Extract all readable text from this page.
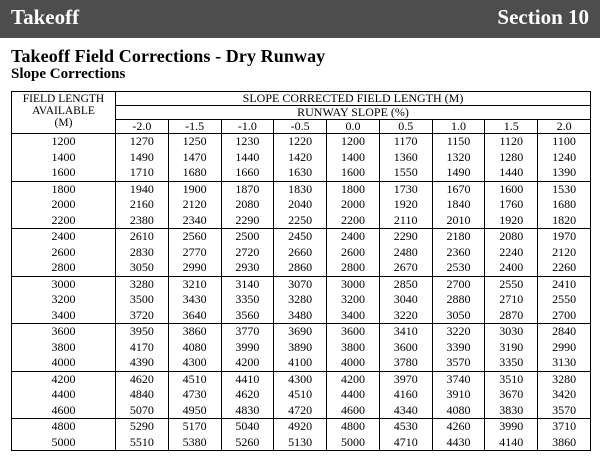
Takeoff	Section 10
Takeoff Field Corrections - Dry Runway
Slope Corrections
FIELD LENGTH
AVAILABLE
(M)	SLOPE CORRECTED FIELD LENGTH (M)								
	RUNWAY SLOPE (%)								
	-2.0	-1.5	-1.0	-0.5	0.0	0.5	1.0	1.5	2.0
1200	1270	1250	1230	1220	1200	1170	1150	1120	1100
1400	1490	1470	1440	1420	1400	1360	1320	1280	1240
1600	1710	1680	1660	1630	1600	1550	1490	1440	1390
1800	1940	1900	1870	1830	1800	1730	1670	1600	1530
2000	2160	2120	2080	2040	2000	1920	1840	1760	1680
2200	2380	2340	2290	2250	2200	2110	2010	1920	1820
2400	2610	2560	2500	2450	2400	2290	2180	2080	1970
2600	2830	2770	2720	2660	2600	2480	2360	2240	2120
2800	3050	2990	2930	2860	2800	2670	2530	2400	2260
3000	3280	3210	3140	3070	3000	2850	2700	2550	2410
3200	3500	3430	3350	3280	3200	3040	2880	2710	2550
3400	3720	3640	3560	3480	3400	3220	3050	2870	2700
3600	3950	3860	3770	3690	3600	3410	3220	3030	2840
3800	4170	4080	3990	3890	3800	3600	3390	3190	2990
4000	4390	4300	4200	4100	4000	3780	3570	3350	3130
4200	4620	4510	4410	4300	4200	3970	3740	3510	3280
4400	4840	4730	4620	4510	4400	4160	3910	3670	3420
4600	5070	4950	4830	4720	4600	4340	4080	3830	3570
4800	5290	5170	5040	4920	4800	4530	4260	3990	3710
5000	5510	5380	5260	5130	5000	4710	4430	4140	3860
